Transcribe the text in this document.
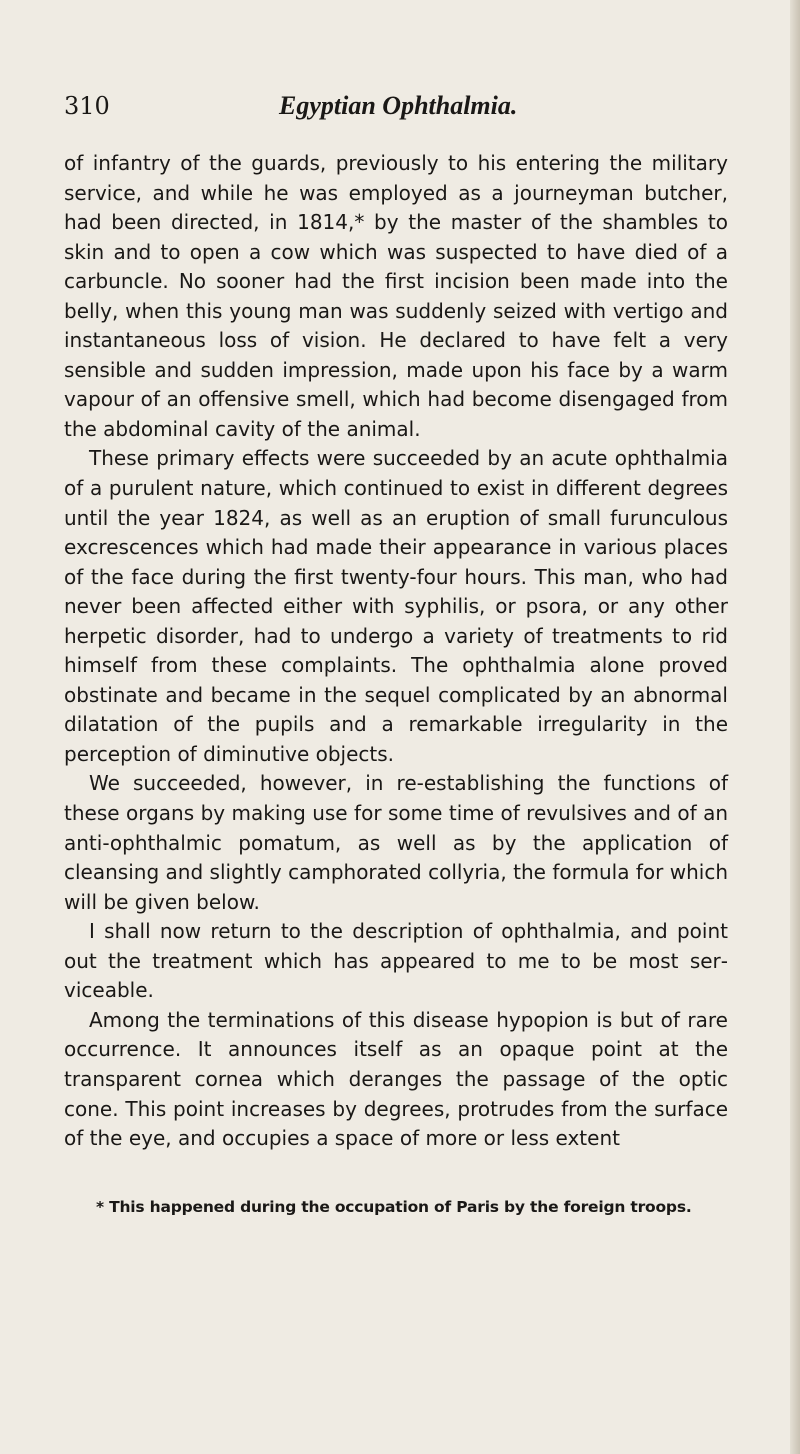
310	Egyptian Ophthalmia.

of infantry of the guards, previously to his entering the military service, and while he was employed as a journeyman butcher, had been directed, in 1814,* by the master of the shambles to skin and to open a cow which was suspected to have died of a carbuncle. No sooner had the first incision been made into the belly, when this young man was suddenly seized with vertigo and instantaneous loss of vision. He declared to have felt a very sensible and sudden impression, made upon his face by a warm vapour of an offensive smell, which had become disengaged from the abdominal cavity of the animal.

These primary effects were succeeded by an acute ophthalmia of a purulent nature, which continued to exist in different degrees until the year 1824, as well as an eruption of small furunculous excrescences which had made their appearance in various places of the face during the first twenty-four hours. This man, who had never been affected either with syphilis, or psora, or any other herpetic disorder, had to undergo a variety of treatments to rid himself from these complaints. The ophthalmia alone proved obstinate and became in the sequel complicated by an abnormal dilatation of the pupils and a remarkable irregularity in the perception of diminutive objects.

We succeeded, however, in re-establishing the functions of these organs by making use for some time of revulsives and of an anti-ophthalmic pomatum, as well as by the application of cleansing and slightly camphorated collyria, the formula for which will be given below.

I shall now return to the description of ophthalmia, and point out the treatment which has appeared to me to be most serviceable.

Among the terminations of this disease hypopion is but of rare occurrence. It announces itself as an opaque point at the transparent cornea which deranges the passage of the optic cone. This point increases by degrees, protrudes from the surface of the eye, and occupies a space of more or less extent

* This happened during the occupation of Paris by the foreign troops.
